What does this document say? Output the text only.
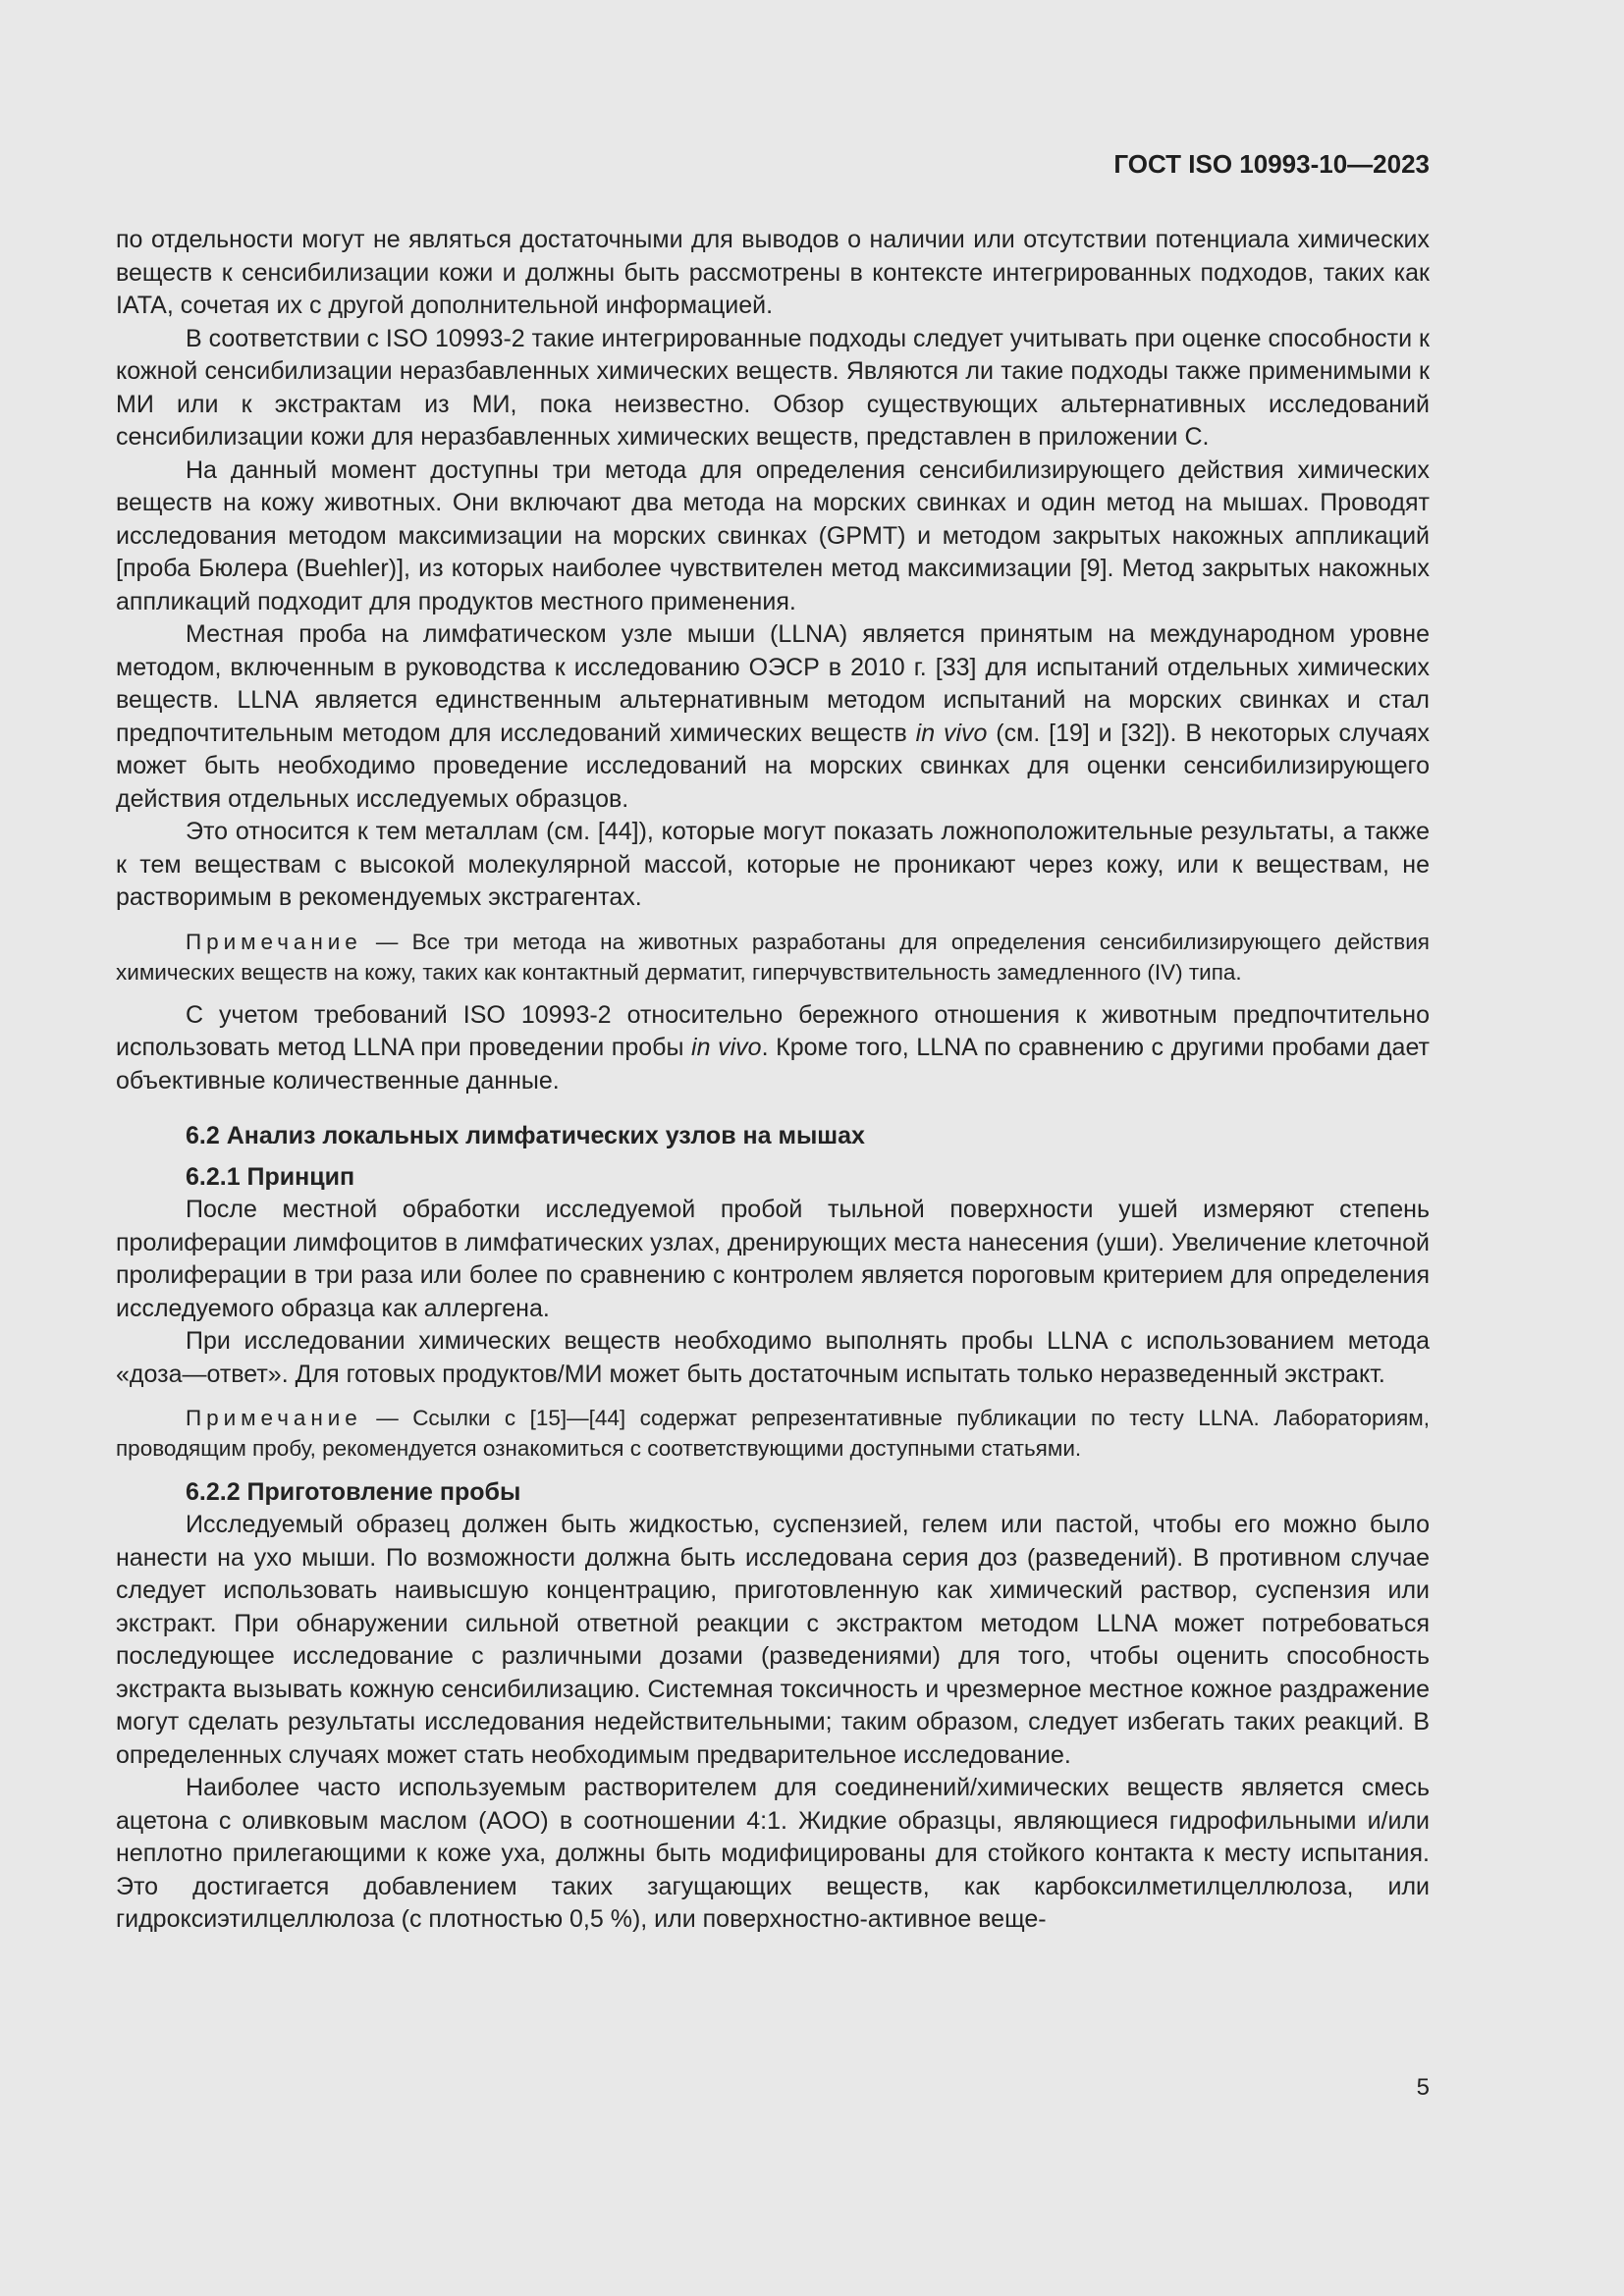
ГОСТ ISO 10993-10—2023

по отдельности могут не являться достаточными для выводов о наличии или отсутствии потенциала химических веществ к сенсибилизации кожи и должны быть рассмотрены в контексте интегрированных подходов, таких как IATA, сочетая их с другой дополнительной информацией.

В соответствии с ISO 10993-2 такие интегрированные подходы следует учитывать при оценке способности к кожной сенсибилизации неразбавленных химических веществ. Являются ли такие подходы также применимыми к МИ или к экстрактам из МИ, пока неизвестно. Обзор существующих альтернативных исследований сенсибилизации кожи для неразбавленных химических веществ, представлен в приложении С.

На данный момент доступны три метода для определения сенсибилизирующего действия химических веществ на кожу животных. Они включают два метода на морских свинках и один метод на мышах. Проводят исследования методом максимизации на морских свинках (GPMT) и методом закрытых накожных аппликаций [проба Бюлера (Buehler)], из которых наиболее чувствителен метод максимизации [9]. Метод закрытых накожных аппликаций подходит для продуктов местного применения.

Местная проба на лимфатическом узле мыши (LLNA) является принятым на международном уровне методом, включенным в руководства к исследованию ОЭСР в 2010 г. [33] для испытаний отдельных химических веществ. LLNA является единственным альтернативным методом испытаний на морских свинках и стал предпочтительным методом для исследований химических веществ in vivo (см. [19] и [32]). В некоторых случаях может быть необходимо проведение исследований на морских свинках для оценки сенсибилизирующего действия отдельных исследуемых образцов.

Это относится к тем металлам (см. [44]), которые могут показать ложноположительные результаты, а также к тем веществам с высокой молекулярной массой, которые не проникают через кожу, или к веществам, не растворимым в рекомендуемых экстрагентах.

Примечание — Все три метода на животных разработаны для определения сенсибилизирующего действия химических веществ на кожу, таких как контактный дерматит, гиперчувствительность замедленного (IV) типа.

С учетом требований ISO 10993-2 относительно бережного отношения к животным предпочтительно использовать метод LLNA при проведении пробы in vivo. Кроме того, LLNA по сравнению с другими пробами дает объективные количественные данные.

6.2 Анализ локальных лимфатических узлов на мышах

6.2.1 Принцип

После местной обработки исследуемой пробой тыльной поверхности ушей измеряют степень пролиферации лимфоцитов в лимфатических узлах, дренирующих места нанесения (уши). Увеличение клеточной пролиферации в три раза или более по сравнению с контролем является пороговым критерием для определения исследуемого образца как аллергена.

При исследовании химических веществ необходимо выполнять пробы LLNA с использованием метода «доза—ответ». Для готовых продуктов/МИ может быть достаточным испытать только неразведенный экстракт.

Примечание — Ссылки с [15]—[44] содержат репрезентативные публикации по тесту LLNA. Лабораториям, проводящим пробу, рекомендуется ознакомиться с соответствующими доступными статьями.

6.2.2 Приготовление пробы

Исследуемый образец должен быть жидкостью, суспензией, гелем или пастой, чтобы его можно было нанести на ухо мыши. По возможности должна быть исследована серия доз (разведений). В противном случае следует использовать наивысшую концентрацию, приготовленную как химический раствор, суспензия или экстракт. При обнаружении сильной ответной реакции с экстрактом методом LLNA может потребоваться последующее исследование с различными дозами (разведениями) для того, чтобы оценить способность экстракта вызывать кожную сенсибилизацию. Системная токсичность и чрезмерное местное кожное раздражение могут сделать результаты исследования недействительными; таким образом, следует избегать таких реакций. В определенных случаях может стать необходимым предварительное исследование.

Наиболее часто используемым растворителем для соединений/химических веществ является смесь ацетона с оливковым маслом (АОО) в соотношении 4:1. Жидкие образцы, являющиеся гидрофильными и/или неплотно прилегающими к коже уха, должны быть модифицированы для стойкого контакта к месту испытания. Это достигается добавлением таких загущающих веществ, как карбоксилметилцеллюлоза, или гидроксиэтилцеллюлоза (с плотностью 0,5 %), или поверхностно-активное веще-

5
